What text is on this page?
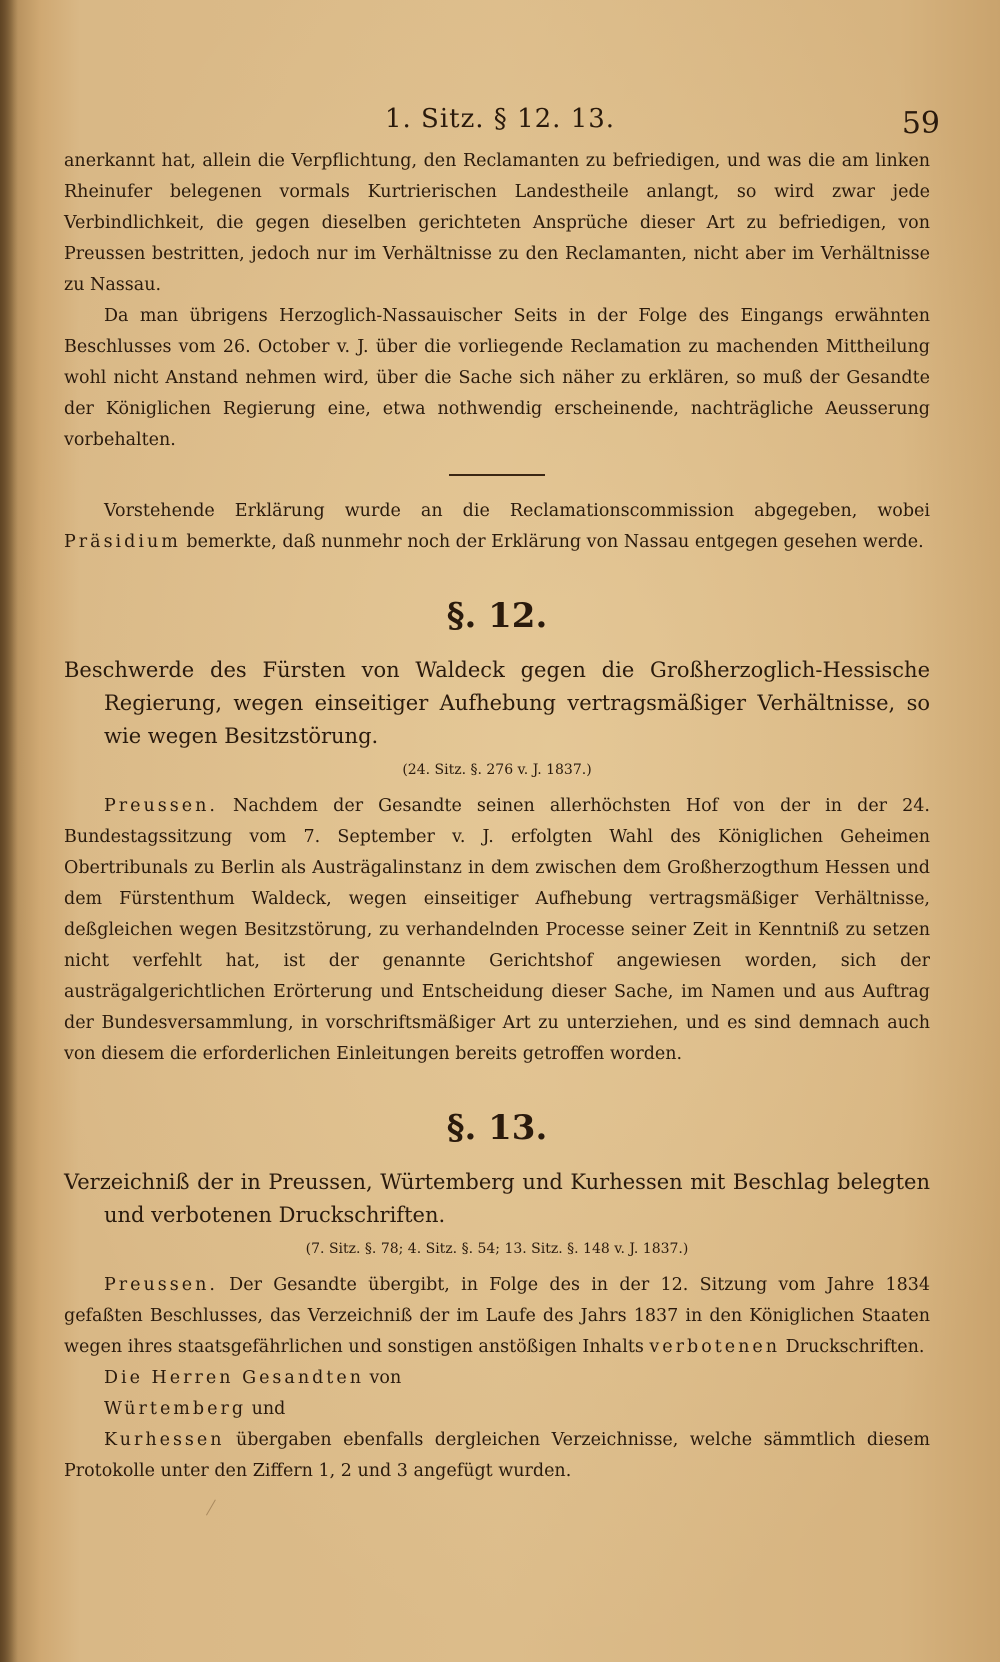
1. Sitz. § 12. 13.	59

anerkannt hat, allein die Verpflichtung, den Reclamanten zu befriedigen, und was die am linken Rheinufer belegenen vormals Kurtrierischen Landestheile anlangt, so wird zwar jede Verbindlichkeit, die gegen dieselben gerichteten Ansprüche dieser Art zu befriedigen, von Preussen bestritten, jedoch nur im Verhältnisse zu den Reclamanten, nicht aber im Verhältnisse zu Nassau.

Da man übrigens Herzoglich-Nassauischer Seits in der Folge des Eingangs erwähnten Beschlusses vom 26. October v. J. über die vorliegende Reclamation zu machenden Mittheilung wohl nicht Anstand nehmen wird, über die Sache sich näher zu erklären, so muß der Gesandte der Königlichen Regierung eine, etwa nothwendig erscheinende, nachträgliche Aeusserung vorbehalten.

Vorstehende Erklärung wurde an die Reclamationscommission abgegeben, wobei Präsidium bemerkte, daß nunmehr noch der Erklärung von Nassau entgegen gesehen werde.

§. 12.

Beschwerde des Fürsten von Waldeck gegen die Großherzoglich-Hessische Regierung, wegen einseitiger Aufhebung vertragsmäßiger Verhältnisse, so wie wegen Besitzstörung.

(24. Sitz. §. 276 v. J. 1837.)

Preussen. Nachdem der Gesandte seinen allerhöchsten Hof von der in der 24. Bundestagssitzung vom 7. September v. J. erfolgten Wahl des Königlichen Geheimen Obertribunals zu Berlin als Austrägalinstanz in dem zwischen dem Großherzogthum Hessen und dem Fürstenthum Waldeck, wegen einseitiger Aufhebung vertragsmäßiger Verhältnisse, deßgleichen wegen Besitzstörung, zu verhandelnden Processe seiner Zeit in Kenntniß zu setzen nicht verfehlt hat, ist der genannte Gerichtshof angewiesen worden, sich der austrägalgerichtlichen Erörterung und Entscheidung dieser Sache, im Namen und aus Auftrag der Bundesversammlung, in vorschriftsmäßiger Art zu unterziehen, und es sind demnach auch von diesem die erforderlichen Einleitungen bereits getroffen worden.

§. 13.

Verzeichniß der in Preussen, Würtemberg und Kurhessen mit Beschlag belegten und verbotenen Druckschriften.

(7. Sitz. §. 78; 4. Sitz. §. 54; 13. Sitz. §. 148 v. J. 1837.)

Preussen. Der Gesandte übergibt, in Folge des in der 12. Sitzung vom Jahre 1834 gefaßten Beschlusses, das Verzeichniß der im Laufe des Jahrs 1837 in den Königlichen Staaten wegen ihres staatsgefährlichen und sonstigen anstößigen Inhalts verbotenen Druckschriften.

Die Herren Gesandten von

Würtemberg und

Kurhessen übergaben ebenfalls dergleichen Verzeichnisse, welche sämmtlich diesem Protokolle unter den Ziffern 1, 2 und 3 angefügt wurden.
